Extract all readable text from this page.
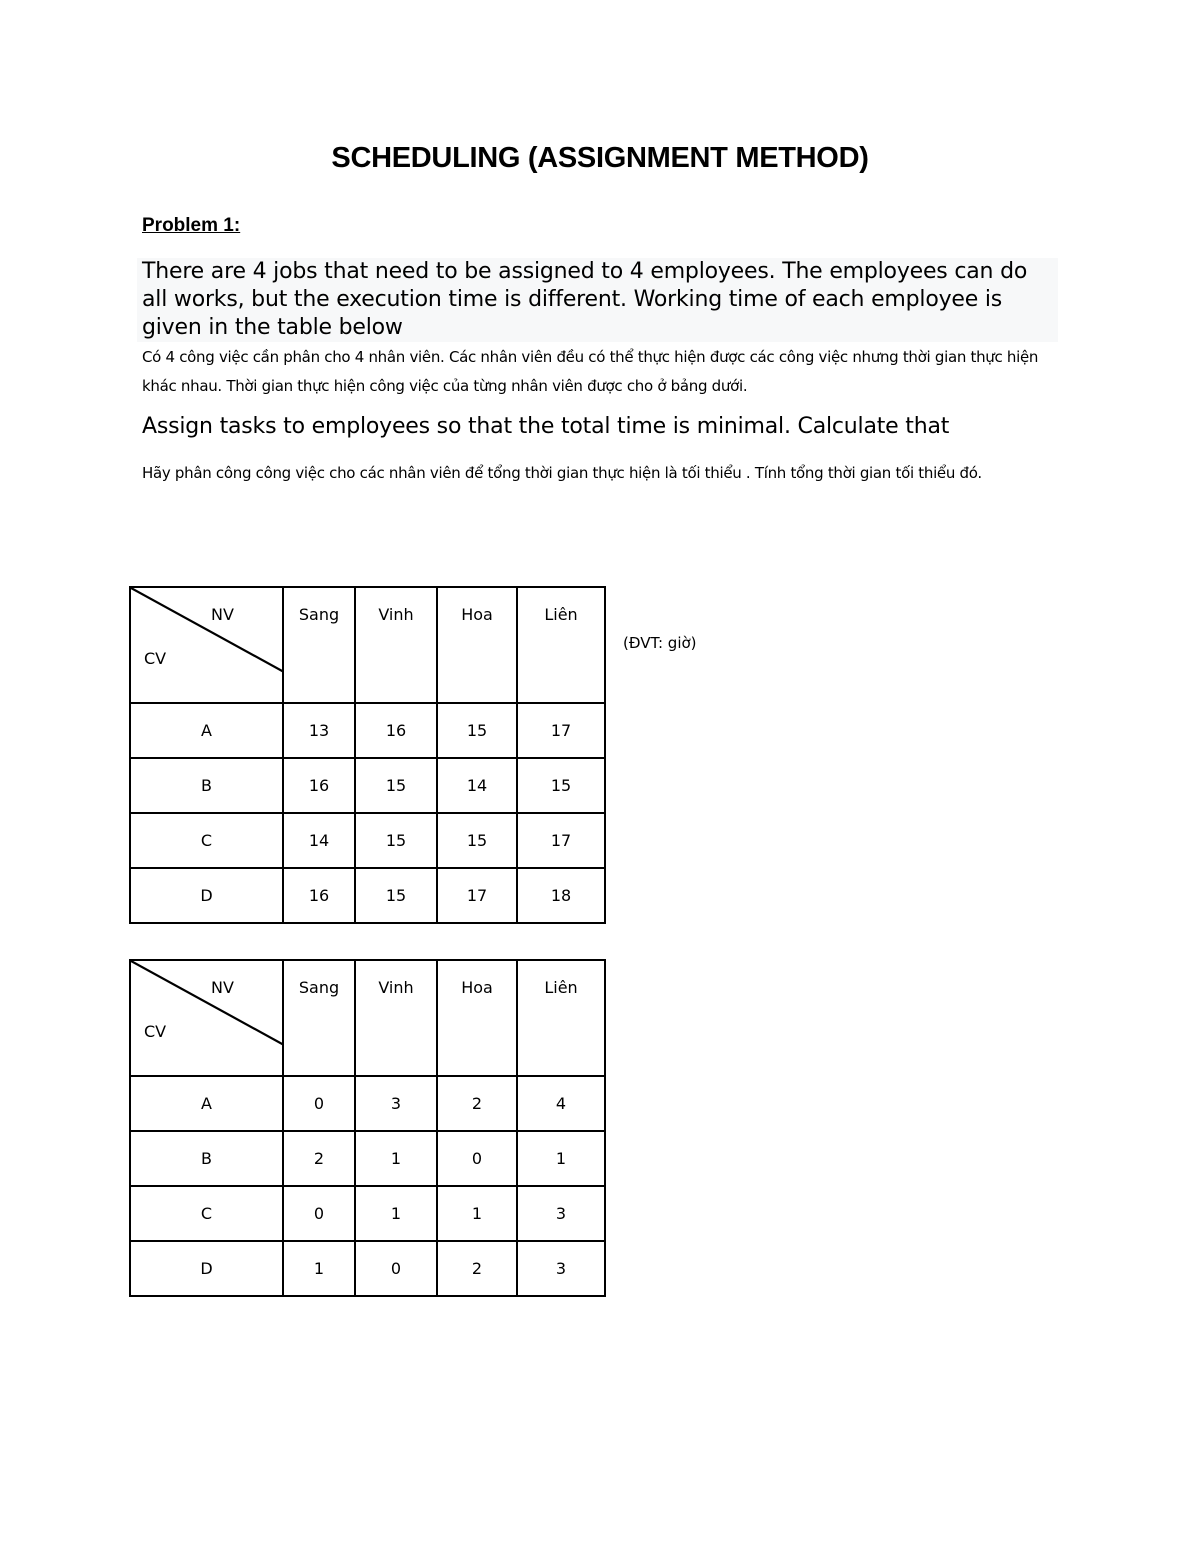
SCHEDULING (ASSIGNMENT METHOD)
Problem 1:
There are 4 jobs that need to be assigned to 4 employees. The employees can do all works, but the execution time is different. Working time of each employee is given in the table below
Có 4 công việc cần phân cho 4 nhân viên. Các nhân viên đều có thể thực hiện được các công việc nhưng thời gian thực hiện khác nhau. Thời gian thực hiện công việc của từng nhân viên được cho ở bảng dưới.
Assign tasks to employees so that the total time is minimal. Calculate that
Hãy phân công công việc cho các nhân viên để tổng thời gian thực hiện là tối thiểu . Tính tổng thời gian tối thiểu đó.
(ĐVT: giờ)
NV
CV	Sang	Vinh	Hoa	Liên
A	13	16	15	17
B	16	15	14	15
C	14	15	15	17
D	16	15	17	18
NV
CV	Sang	Vinh	Hoa	Liên
A	0	3	2	4
B	2	1	0	1
C	0	1	1	3
D	1	0	2	3
